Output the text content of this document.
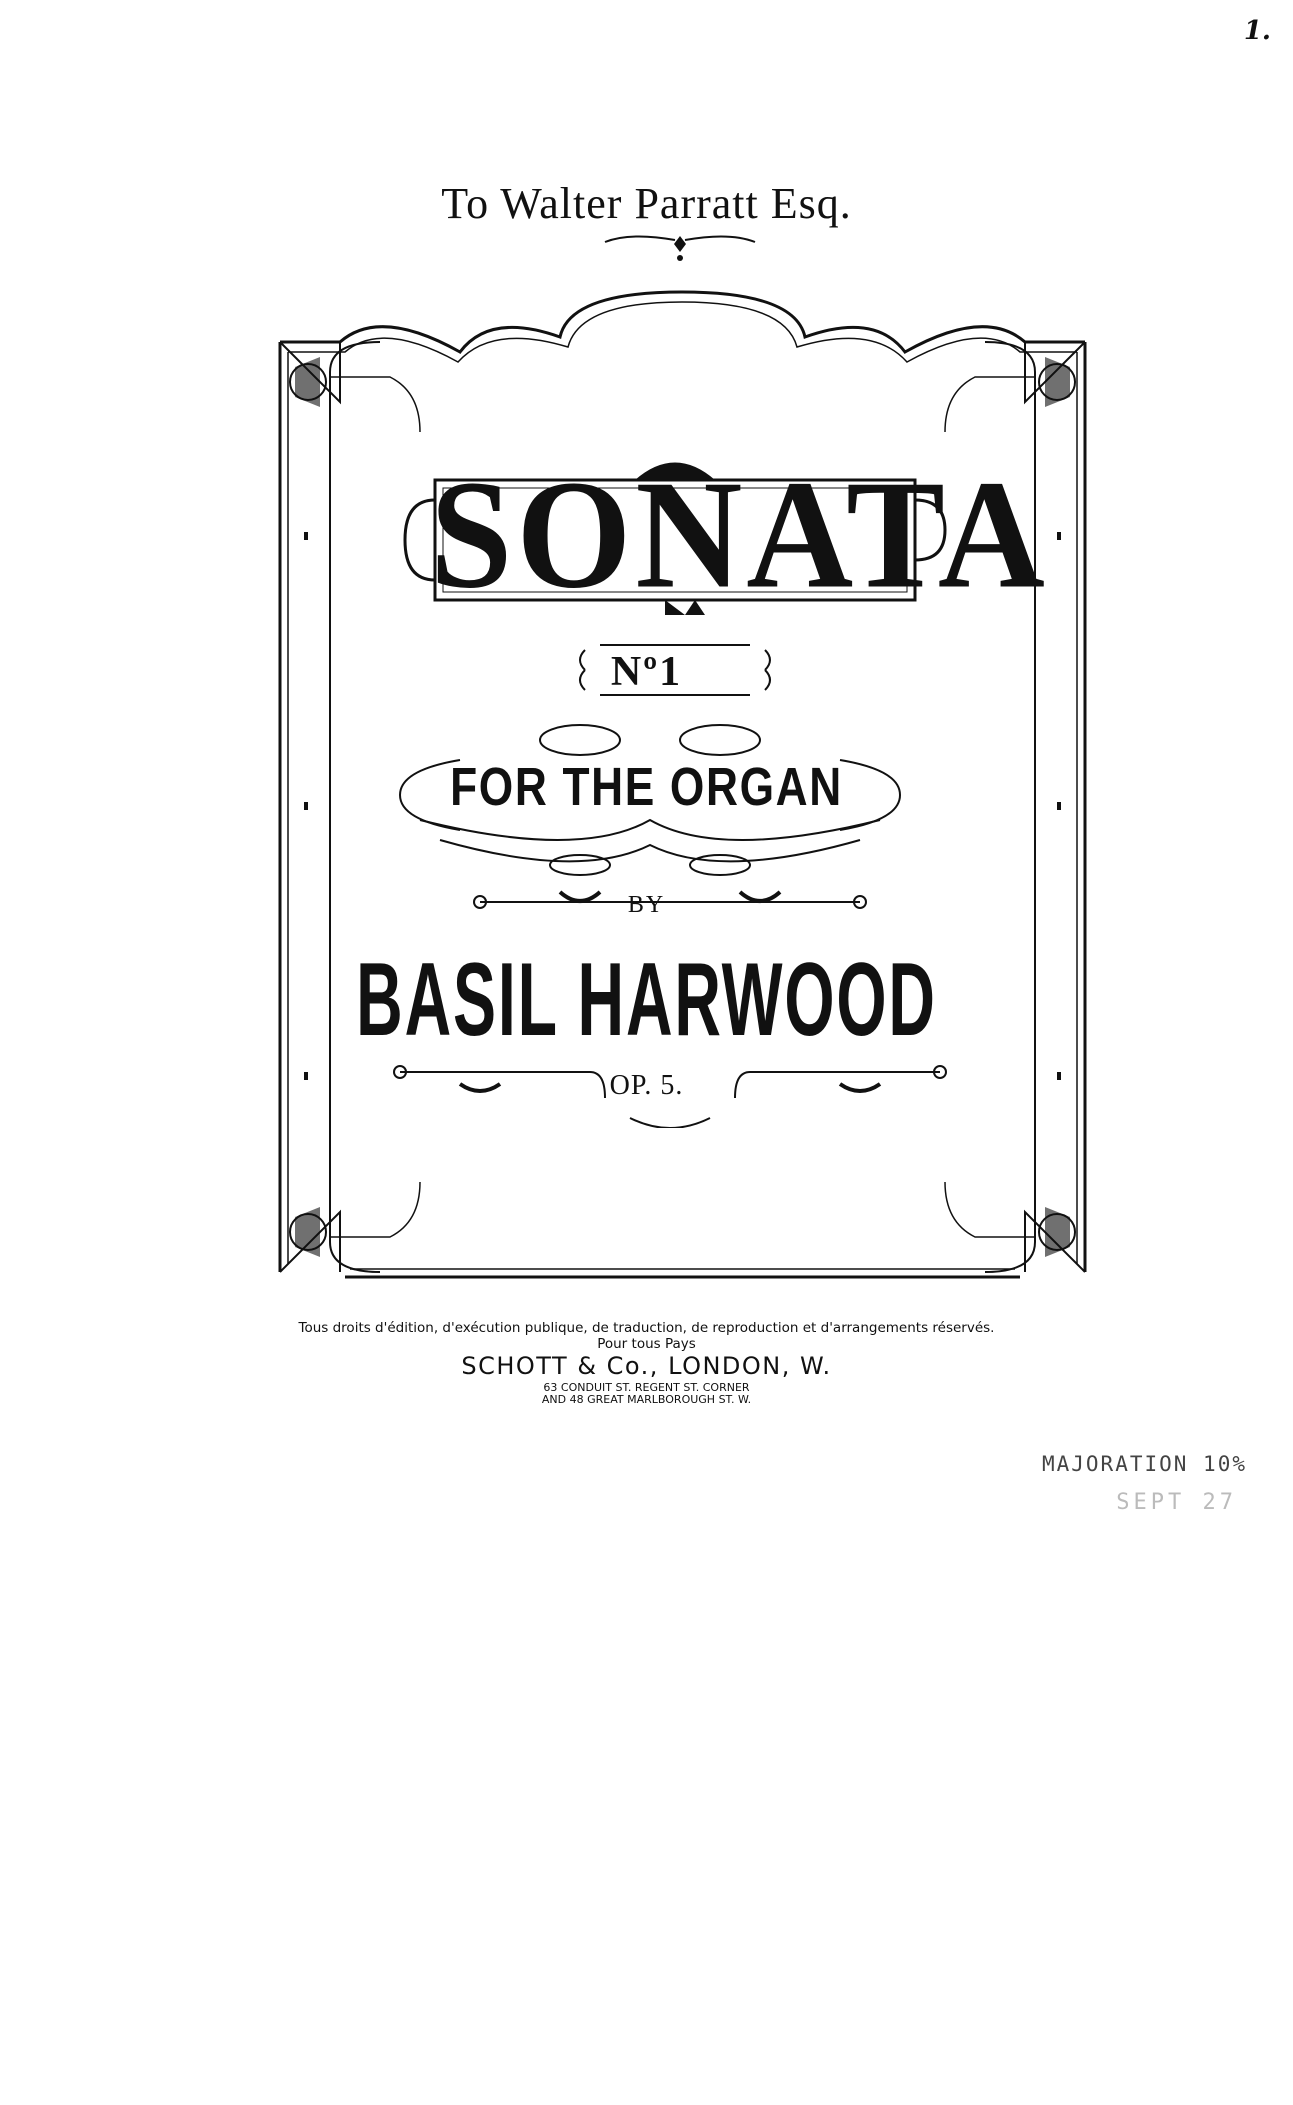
1.
To Walter Parratt Esq.
SONATA
Nº1
FOR THE ORGAN
BY
BASIL HARWOOD
OP. 5.
Tous droits d'édition, d'exécution publique, de traduction, de reproduction et d'arrangements réservés.
Pour tous Pays
SCHOTT & Co., LONDON, W.
63 CONDUIT ST. REGENT ST. CORNER
AND 48 GREAT MARLBOROUGH ST. W.
MAJORATION 10%
SEPT 27
